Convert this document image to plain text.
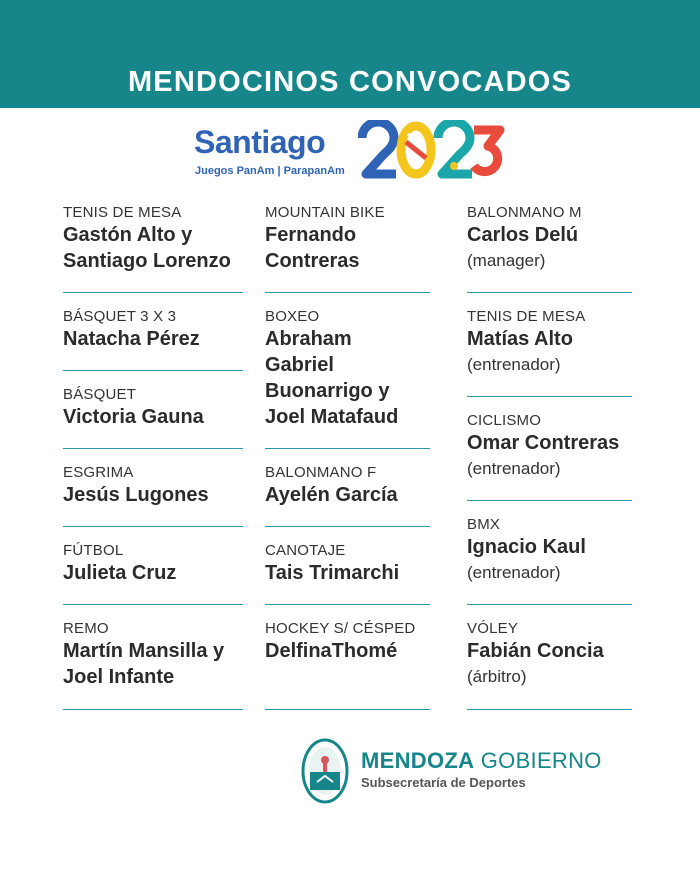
MENDOCINOS CONVOCADOS
Santiago
Juegos PanAm | ParapanAm
TENIS DE MESA
Gastón Alto y
Santiago Lorenzo
BÁSQUET 3 X 3
Natacha Pérez
BÁSQUET
Victoria Gauna
ESGRIMA
Jesús Lugones
FÚTBOL
Julieta Cruz
REMO
Martín Mansilla y
Joel Infante
MOUNTAIN BIKE
Fernando
Contreras
BOXEO
Abraham
Gabriel
Buonarrigo y
Joel Matafaud
BALONMANO F
Ayelén García
CANOTAJE
Tais Trimarchi
HOCKEY S/ CÉSPED
DelfinaThomé
BALONMANO M
Carlos Delú
(manager)
TENIS DE MESA
Matías Alto
(entrenador)
CICLISMO
Omar Contreras
(entrenador)
BMX
Ignacio Kaul
(entrenador)
VÓLEY
Fabián Concia
(árbitro)
MENDOZA GOBIERNO
Subsecretaría de Deportes
